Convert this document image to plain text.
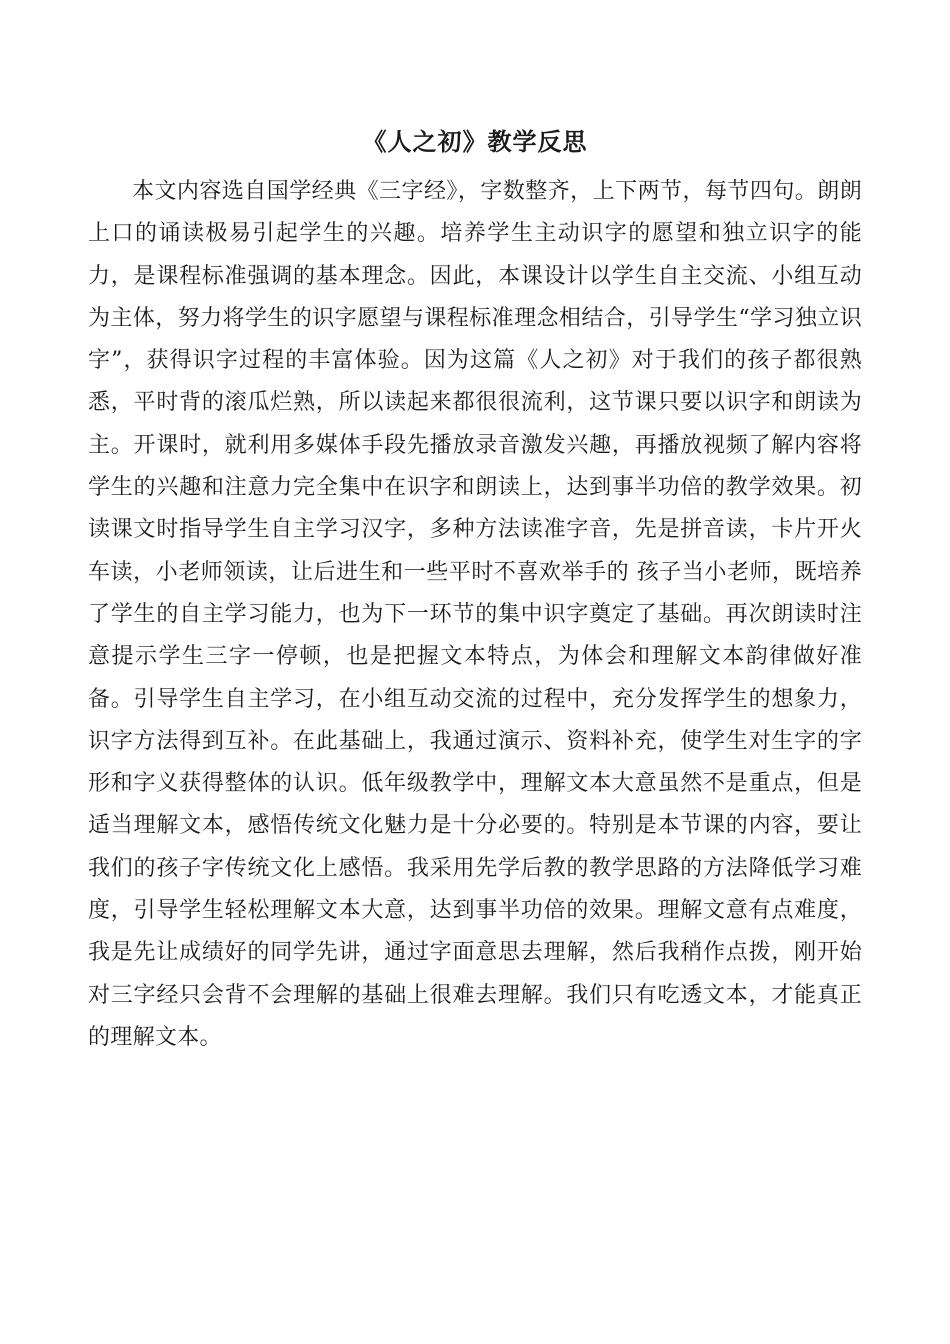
《人之初》教学反思

本文内容选自国学经典《三字经》，字数整齐，上下两节，每节四句。朗朗上口的诵读极易引起学生的兴趣。培养学生主动识字的愿望和独立识字的能力，是课程标准强调的基本理念。因此，本课设计以学生自主交流、小组互动为主体，努力将学生的识字愿望与课程标准理念相结合，引导学生“学习独立识字”，获得识字过程的丰富体验。因为这篇《人之初》对于我们的孩子都很熟悉，平时背的滚瓜烂熟，所以读起来都很很流利，这节课只要以识字和朗读为主。开课时，就利用多媒体手段先播放录音激发兴趣，再播放视频了解内容将学生的兴趣和注意力完全集中在识字和朗读上，达到事半功倍的教学效果。初读课文时指导学生自主学习汉字，多种方法读准字音，先是拼音读，卡片开火车读，小老师领读，让后进生和一些平时不喜欢举手的 孩子当小老师，既培养了学生的自主学习能力，也为下一环节的集中识字奠定了基础。再次朗读时注意提示学生三字一停顿，也是把握文本特点，为体会和理解文本韵律做好准备。引导学生自主学习，在小组互动交流的过程中，充分发挥学生的想象力，识字方法得到互补。在此基础上，我通过演示、资料补充，使学生对生字的字形和字义获得整体的认识。低年级教学中，理解文本大意虽然不是重点，但是适当理解文本，感悟传统文化魅力是十分必要的。特别是本节课的内容，要让我们的孩子字传统文化上感悟。我采用先学后教的教学思路的方法降低学习难度，引导学生轻松理解文本大意，达到事半功倍的效果。理解文意有点难度，我是先让成绩好的同学先讲，通过字面意思去理解，然后我稍作点拨，刚开始对三字经只会背不会理解的基础上很难去理解。我们只有吃透文本，才能真正的理解文本。
